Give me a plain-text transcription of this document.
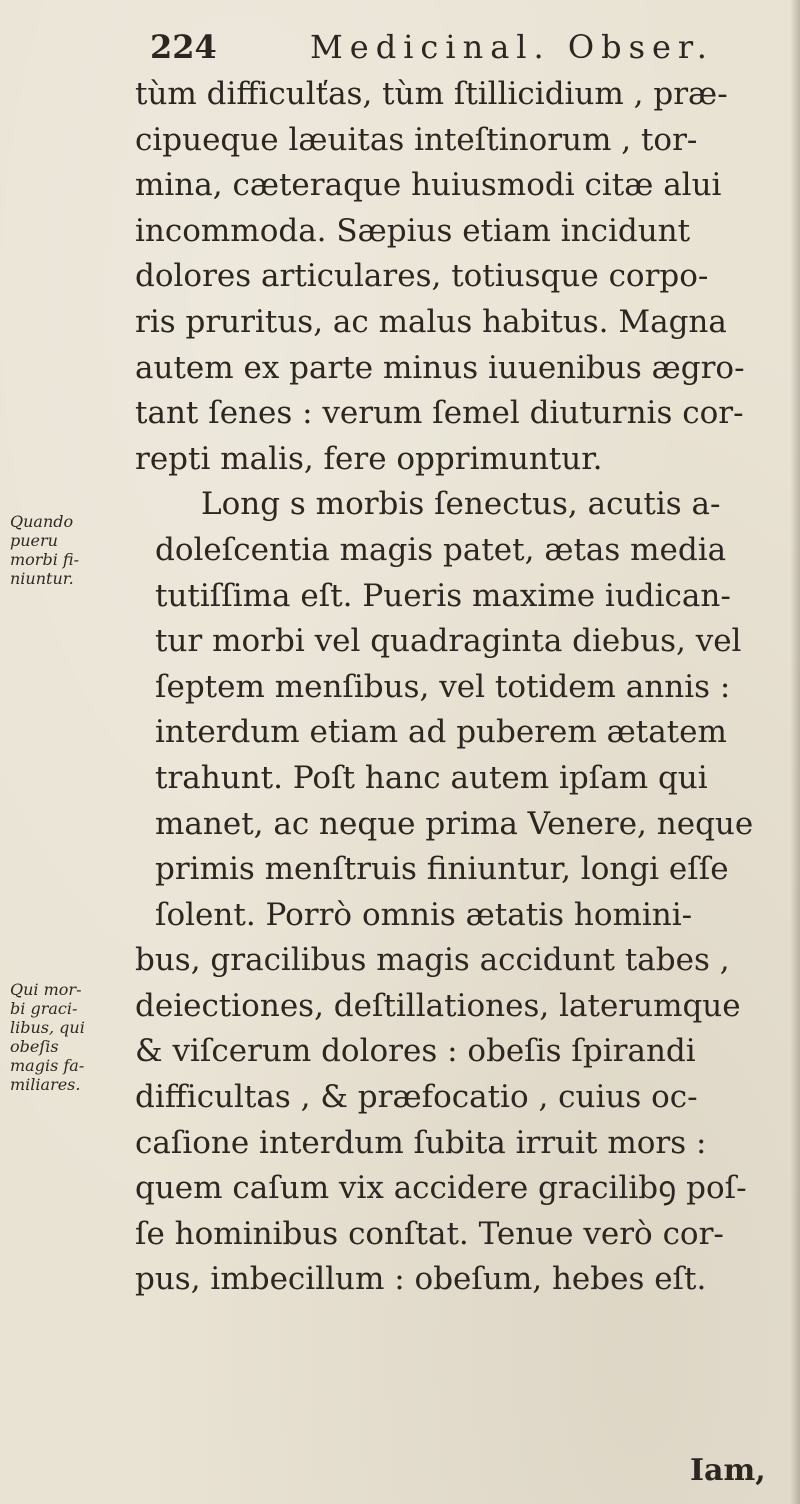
224	Medicinal. Obser.
tùm difficulťas, tùm ſtillicidium , præ-
cipueque læuitas inteſtinorum , tor-
mina, cæteraque huiusmodi citæ alui
incommoda. Sæpius etiam incidunt
dolores articulares, totiusque corpo-
ris pruritus, ac malus habitus. Magna
autem ex parte minus iuuenibus ægro-
tant ſenes : verum ſemel diuturnis cor-
repti malis, fere opprimuntur.
Long s morbis ſenectus, acutis a-
doleſcentia magis patet, ætas media
tutiſſima eſt. Pueris maxime iudican-
tur morbi vel quadraginta diebus, vel
ſeptem menſibus, vel totidem annis :
interdum etiam ad puberem ætatem
trahunt. Poſt hanc autem ipſam qui
manet, ac neque prima Venere, neque
primis menſtruis finiuntur, longi eſſe
ſolent. Porrò omnis ætatis homini-
bus, gracilibus magis accidunt tabes ,
deiectiones, deſtillationes, laterumque
& viſcerum dolores : obeſis ſpirandi
difficultas , & præfocatio , cuius oc-
caſione interdum ſubita irruit mors :
quem caſum vix accidere gracilibꝯ poſ-
ſe hominibus conſtat. Tenue verò cor-
pus, imbecillum : obeſum, hebes eſt.
Quando
pueru
morbi fi-
niuntur.
Qui mor-
bi graci-
libus, qui
obeſis
magis fa-
miliares.
Iam,
